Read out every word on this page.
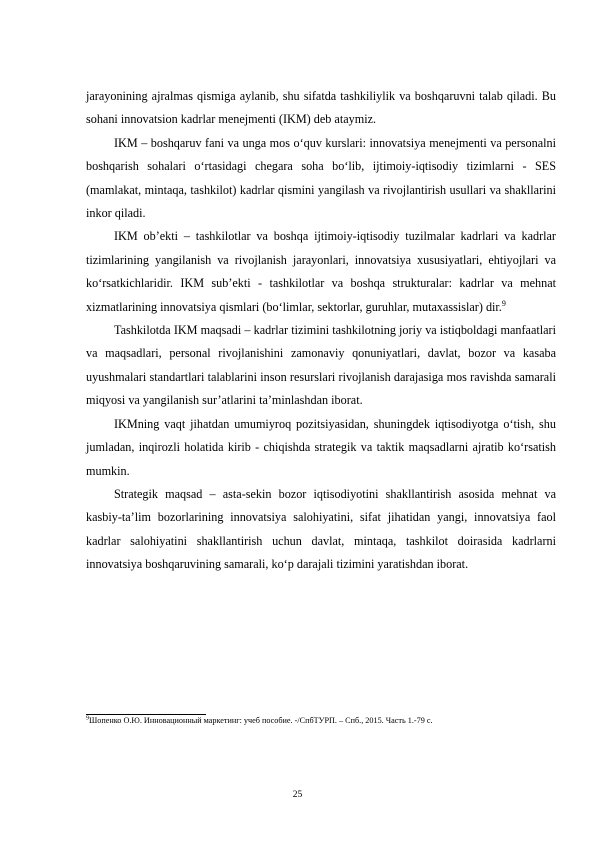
jarayonining ajralmas qismiga aylanib, shu sifatda tashkiliylik va boshqaruvni talab qiladi. Bu sohani innovatsion kadrlar menejmenti (IKM) deb ataymiz.

IKM – boshqaruv fani va unga mos o‘quv kurslari: innovatsiya menejmenti va personalni boshqarish sohalari o‘rtasidagi chegara soha bo‘lib, ijtimoiy-iqtisodiy tizimlarni - SES (mamlakat, mintaqa, tashkilot) kadrlar qismini yangilash va rivojlantirish usullari va shakllarini inkor qiladi.

IKM ob’ekti – tashkilotlar va boshqa ijtimoiy-iqtisodiy tuzilmalar kadrlari va kadrlar tizimlarining yangilanish va rivojlanish jarayonlari, innovatsiya xususiyatlari, ehtiyojlari va ko‘rsatkichlaridir. IKM sub’ekti - tashkilotlar va boshqa strukturalar: kadrlar va mehnat xizmatlarining innovatsiya qismlari (bo‘limlar, sektorlar, guruhlar, mutaxassislar) dir.$^9$

Tashkilotda IKM maqsadi – kadrlar tizimini tashkilotning joriy va istiqboldagi manfaatlari va maqsadlari, personal rivojlanishini zamonaviy qonuniyatlari, davlat, bozor va kasaba uyushmalari standartlari talablarini inson resurslari rivojlanish darajasiga mos ravishda samarali miqyosi va yangilanish sur’atlarini ta’minlashdan iborat.

IKMning vaqt jihatdan umumiyroq pozitsiyasidan, shuningdek iqtisodiyotga o‘tish, shu jumladan, inqirozli holatida kirib - chiqishda strategik va taktik maqsadlarni ajratib ko‘rsatish mumkin.

Strategik maqsad – asta-sekin bozor iqtisodiyotini shakllantirish asosida mehnat va kasbiy-ta’lim bozorlarining innovatsiya salohiyatini, sifat jihatidan yangi, innovatsiya faol kadrlar salohiyatini shakllantirish uchun davlat, mintaqa, tashkilot doirasida kadrlarni innovatsiya boshqaruvining samarali, ko‘p darajali tizimini yaratishdan iborat.

$^9$Шопенко О.Ю. Инновационный маркетинг: учеб пособие. -/СпбТУРП. – Спб., 2015. Часть 1.-79 с.
25
